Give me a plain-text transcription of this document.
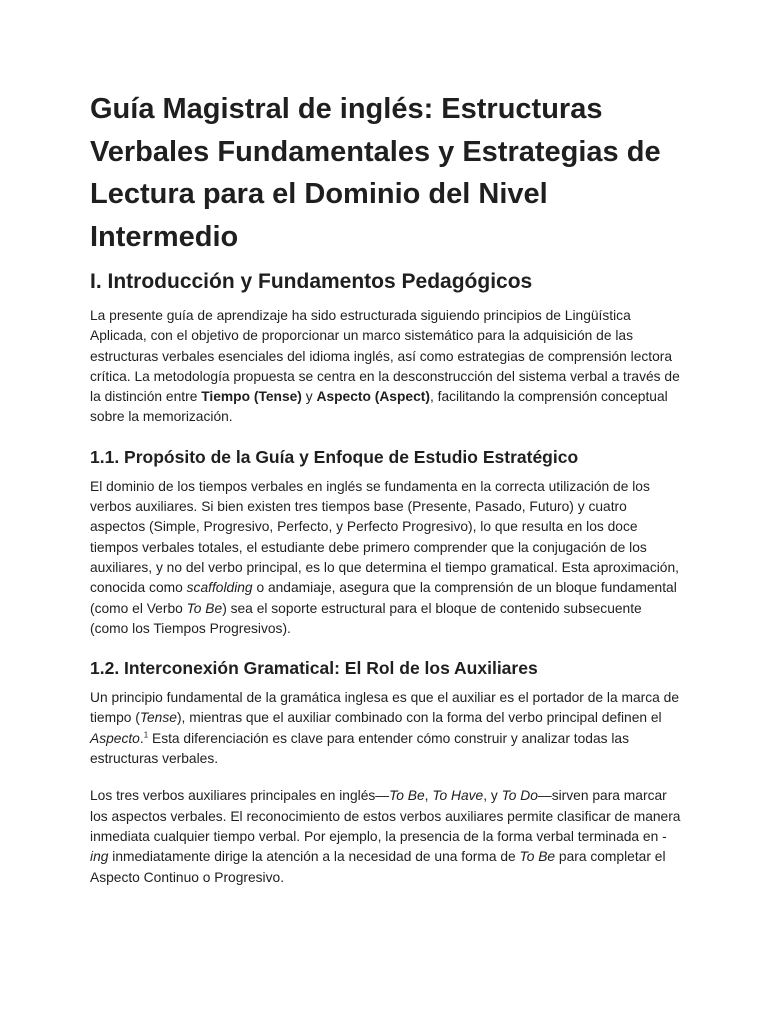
Guía Magistral de inglés: Estructuras Verbales Fundamentales y Estrategias de Lectura para el Dominio del Nivel Intermedio
I. Introducción y Fundamentos Pedagógicos

La presente guía de aprendizaje ha sido estructurada siguiendo principios de Lingüística Aplicada, con el objetivo de proporcionar un marco sistemático para la adquisición de las estructuras verbales esenciales del idioma inglés, así como estrategias de comprensión lectora crítica. La metodología propuesta se centra en la desconstrucción del sistema verbal a través de la distinción entre Tiempo (Tense) y Aspecto (Aspect), facilitando la comprensión conceptual sobre la memorización.

1.1. Propósito de la Guía y Enfoque de Estudio Estratégico

El dominio de los tiempos verbales en inglés se fundamenta en la correcta utilización de los verbos auxiliares. Si bien existen tres tiempos base (Presente, Pasado, Futuro) y cuatro aspectos (Simple, Progresivo, Perfecto, y Perfecto Progresivo), lo que resulta en los doce tiempos verbales totales, el estudiante debe primero comprender que la conjugación de los auxiliares, y no del verbo principal, es lo que determina el tiempo gramatical. Esta aproximación, conocida como scaffolding o andamiaje, asegura que la comprensión de un bloque fundamental (como el Verbo To Be) sea el soporte estructural para el bloque de contenido subsecuente (como los Tiempos Progresivos).

1.2. Interconexión Gramatical: El Rol de los Auxiliares

Un principio fundamental de la gramática inglesa es que el auxiliar es el portador de la marca de tiempo (Tense), mientras que el auxiliar combinado con la forma del verbo principal definen el Aspecto.$^1$ Esta diferenciación es clave para entender cómo construir y analizar todas las estructuras verbales.

Los tres verbos auxiliares principales en inglés—To Be, To Have, y To Do—sirven para marcar los aspectos verbales. El reconocimiento de estos verbos auxiliares permite clasificar de manera inmediata cualquier tiempo verbal. Por ejemplo, la presencia de la forma verbal terminada en -ing inmediatamente dirige la atención a la necesidad de una forma de To Be para completar el Aspecto Continuo o Progresivo.
